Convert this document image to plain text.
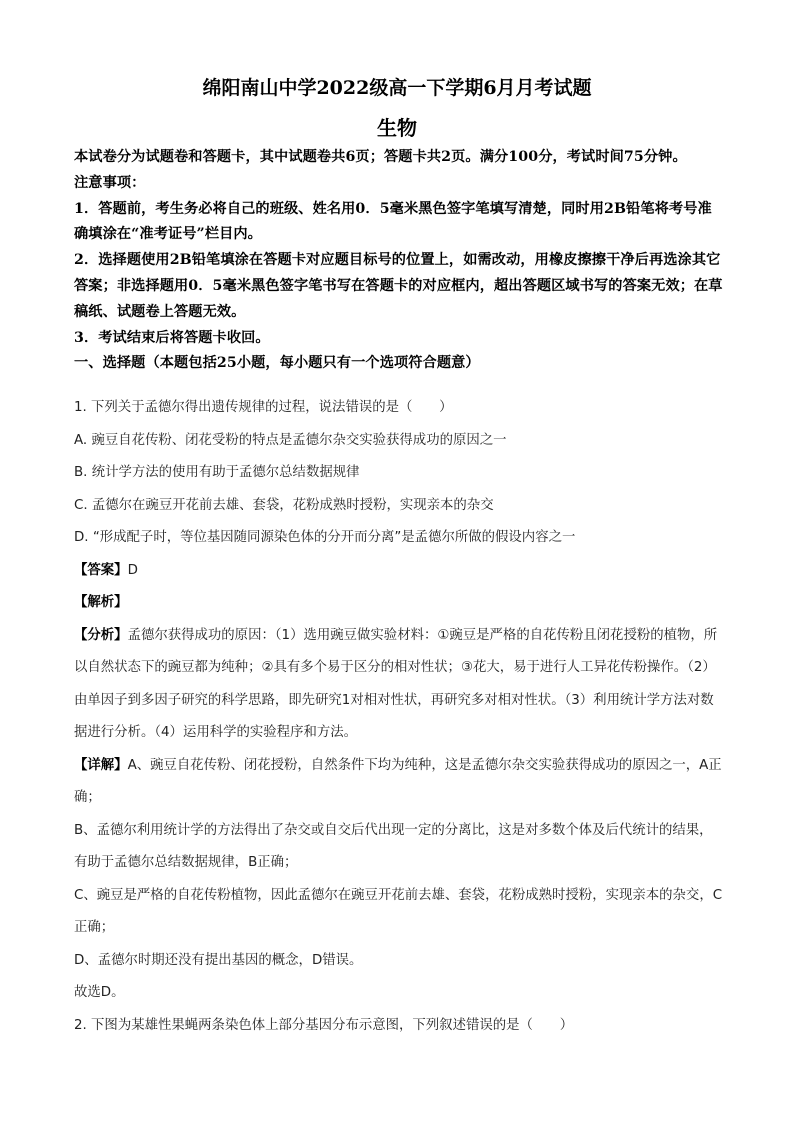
绵阳南山中学2022级高一下学期6月月考试题
生物

本试卷分为试题卷和答题卡，其中试题卷共6页；答题卡共2页。满分100分，考试时间75分钟。

注意事项：

1．答题前，考生务必将自己的班级、姓名用0．5毫米黑色签字笔填写清楚，同时用2B铅笔将考号准确填涂在“准考证号”栏目内。

2．选择题使用2B铅笔填涂在答题卡对应题目标号的位置上，如需改动，用橡皮擦擦干净后再选涂其它答案；非选择题用0．5毫米黑色签字笔书写在答题卡的对应框内，超出答题区域书写的答案无效；在草稿纸、试题卷上答题无效。

3．考试结束后将答题卡收回。

一、选择题（本题包括25小题，每小题只有一个选项符合题意）

1. 下列关于孟德尔得出遗传规律的过程，说法错误的是（　　）

A. 豌豆自花传粉、闭花受粉的特点是孟德尔杂交实验获得成功的原因之一

B. 统计学方法的使用有助于孟德尔总结数据规律

C. 孟德尔在豌豆开花前去雄、套袋，花粉成熟时授粉，实现亲本的杂交

D. “形成配子时，等位基因随同源染色体的分开而分离”是孟德尔所做的假设内容之一

【答案】D

【解析】

【分析】孟德尔获得成功的原因：（1）选用豌豆做实验材料：①豌豆是严格的自花传粉且闭花授粉的植物，所以自然状态下的豌豆都为纯种；②具有多个易于区分的相对性状；③花大，易于进行人工异花传粉操作。（2）由单因子到多因子研究的科学思路，即先研究1对相对性状，再研究多对相对性状。（3）利用统计学方法对数据进行分析。（4）运用科学的实验程序和方法。

【详解】A、豌豆自花传粉、闭花授粉，自然条件下均为纯种，这是孟德尔杂交实验获得成功的原因之一，A正确；

B、孟德尔利用统计学的方法得出了杂交或自交后代出现一定的分离比，这是对多数个体及后代统计的结果，有助于孟德尔总结数据规律，B正确；

C、豌豆是严格的自花传粉植物，因此孟德尔在豌豆开花前去雄、套袋，花粉成熟时授粉，实现亲本的杂交，C正确；

D、孟德尔时期还没有提出基因的概念，D错误。

故选D。

2. 下图为某雄性果蝇两条染色体上部分基因分布示意图，下列叙述错误的是（　　）
